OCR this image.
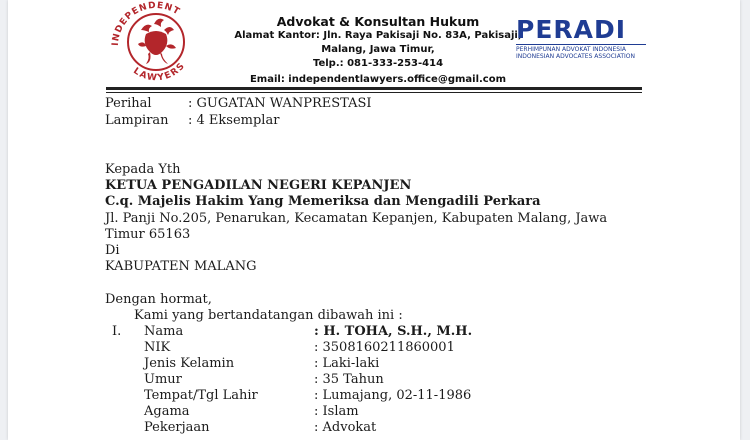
INDEPENDENT
LAWYERS
Advokat & Konsultan Hukum
Alamat Kantor: Jln. Raya Pakisaji No. 83A, Pakisaji,
Malang, Jawa Timur,
Telp.: 081-333-253-414
Email: independentlawyers.office@gmail.com
PERADI
PERHIMPUNAN ADVOKAT INDONESIA
INDONESIAN ADVOCATES ASSOCIATION
Perihal	: GUGATAN WANPRESTASI
Lampiran : 4 Eksemplar
Kepada Yth
KETUA PENGADILAN NEGERI KEPANJEN
C.q. Majelis Hakim Yang Memeriksa dan Mengadili Perkara
Jl. Panji No.205, Penarukan, Kecamatan Kepanjen, Kabupaten Malang, Jawa
Timur 65163
Di
KABUPATEN MALANG
Dengan hormat,
Kami yang bertandatangan dibawah ini :
I. Nama	: H. TOHA, S.H., M.H.
NIK	: 3508160211860001
Jenis Kelamin	: Laki-laki
Umur	: 35 Tahun
Tempat/Tgl Lahir	: Lumajang, 02-11-1986
Agama	: Islam
Pekerjaan	: Advokat
